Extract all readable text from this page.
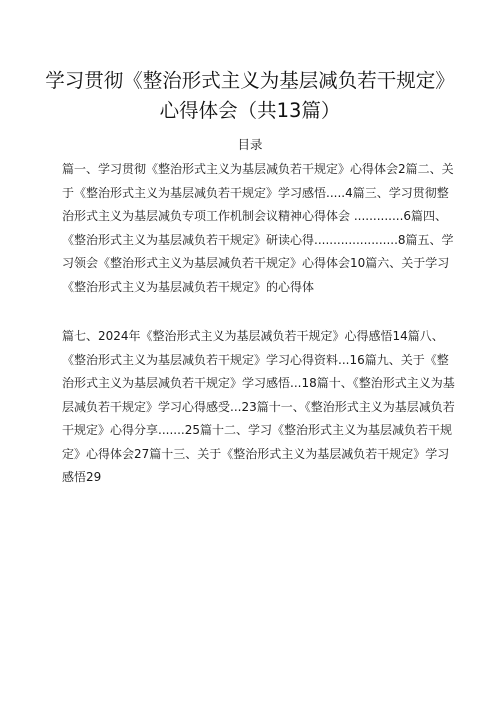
学习贯彻《整治形式主义为基层减负若干规定》心得体会（共13篇）
目录
篇一、学习贯彻《整治形式主义为基层减负若干规定》心得体会2篇二、关于《整治形式主义为基层减负若干规定》学习感悟.....4篇三、学习贯彻整治形式主义为基层减负专项工作机制会议精神心得体会 .............6篇四、《整治形式主义为基层减负若干规定》研读心得......................8篇五、学习领会《整治形式主义为基层减负若干规定》心得体会10篇六、关于学习《整治形式主义为基层减负若干规定》的心得体
篇七、2024年《整治形式主义为基层减负若干规定》心得感悟14篇八、《整治形式主义为基层减负若干规定》学习心得资料...16篇九、关于《整治形式主义为基层减负若干规定》学习感悟...18篇十、《整治形式主义为基层减负若干规定》学习心得感受...23篇十一、《整治形式主义为基层减负若干规定》心得分享.......25篇十二、学习《整治形式主义为基层减负若干规定》心得体会27篇十三、关于《整治形式主义为基层减负若干规定》学习感悟29
